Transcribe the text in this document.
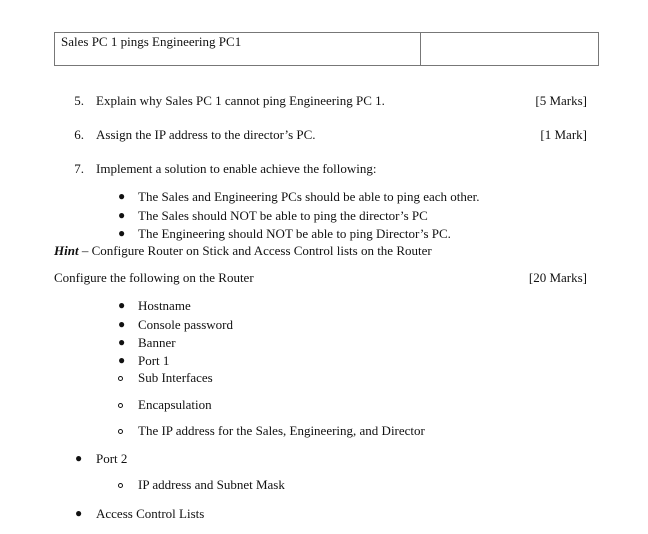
Sales PC 1 pings Engineering PC1
5. Explain why Sales PC 1 cannot ping Engineering PC 1.	[5 Marks]
6. Assign the IP address to the director’s PC.	[1 Mark]
7. Implement a solution to enable achieve the following:
● The Sales and Engineering PCs should be able to ping each other.
● The Sales should NOT be able to ping the director’s PC
● The Engineering should NOT be able to ping Director’s PC.
Hint – Configure Router on Stick and Access Control lists on the Router
Configure the following on the Router	[20 Marks]
● Hostname
● Console password
● Banner
● Port 1
Sub Interfaces
Encapsulation
The IP address for the Sales, Engineering, and Director
● Port 2
IP address and Subnet Mask
● Access Control Lists
